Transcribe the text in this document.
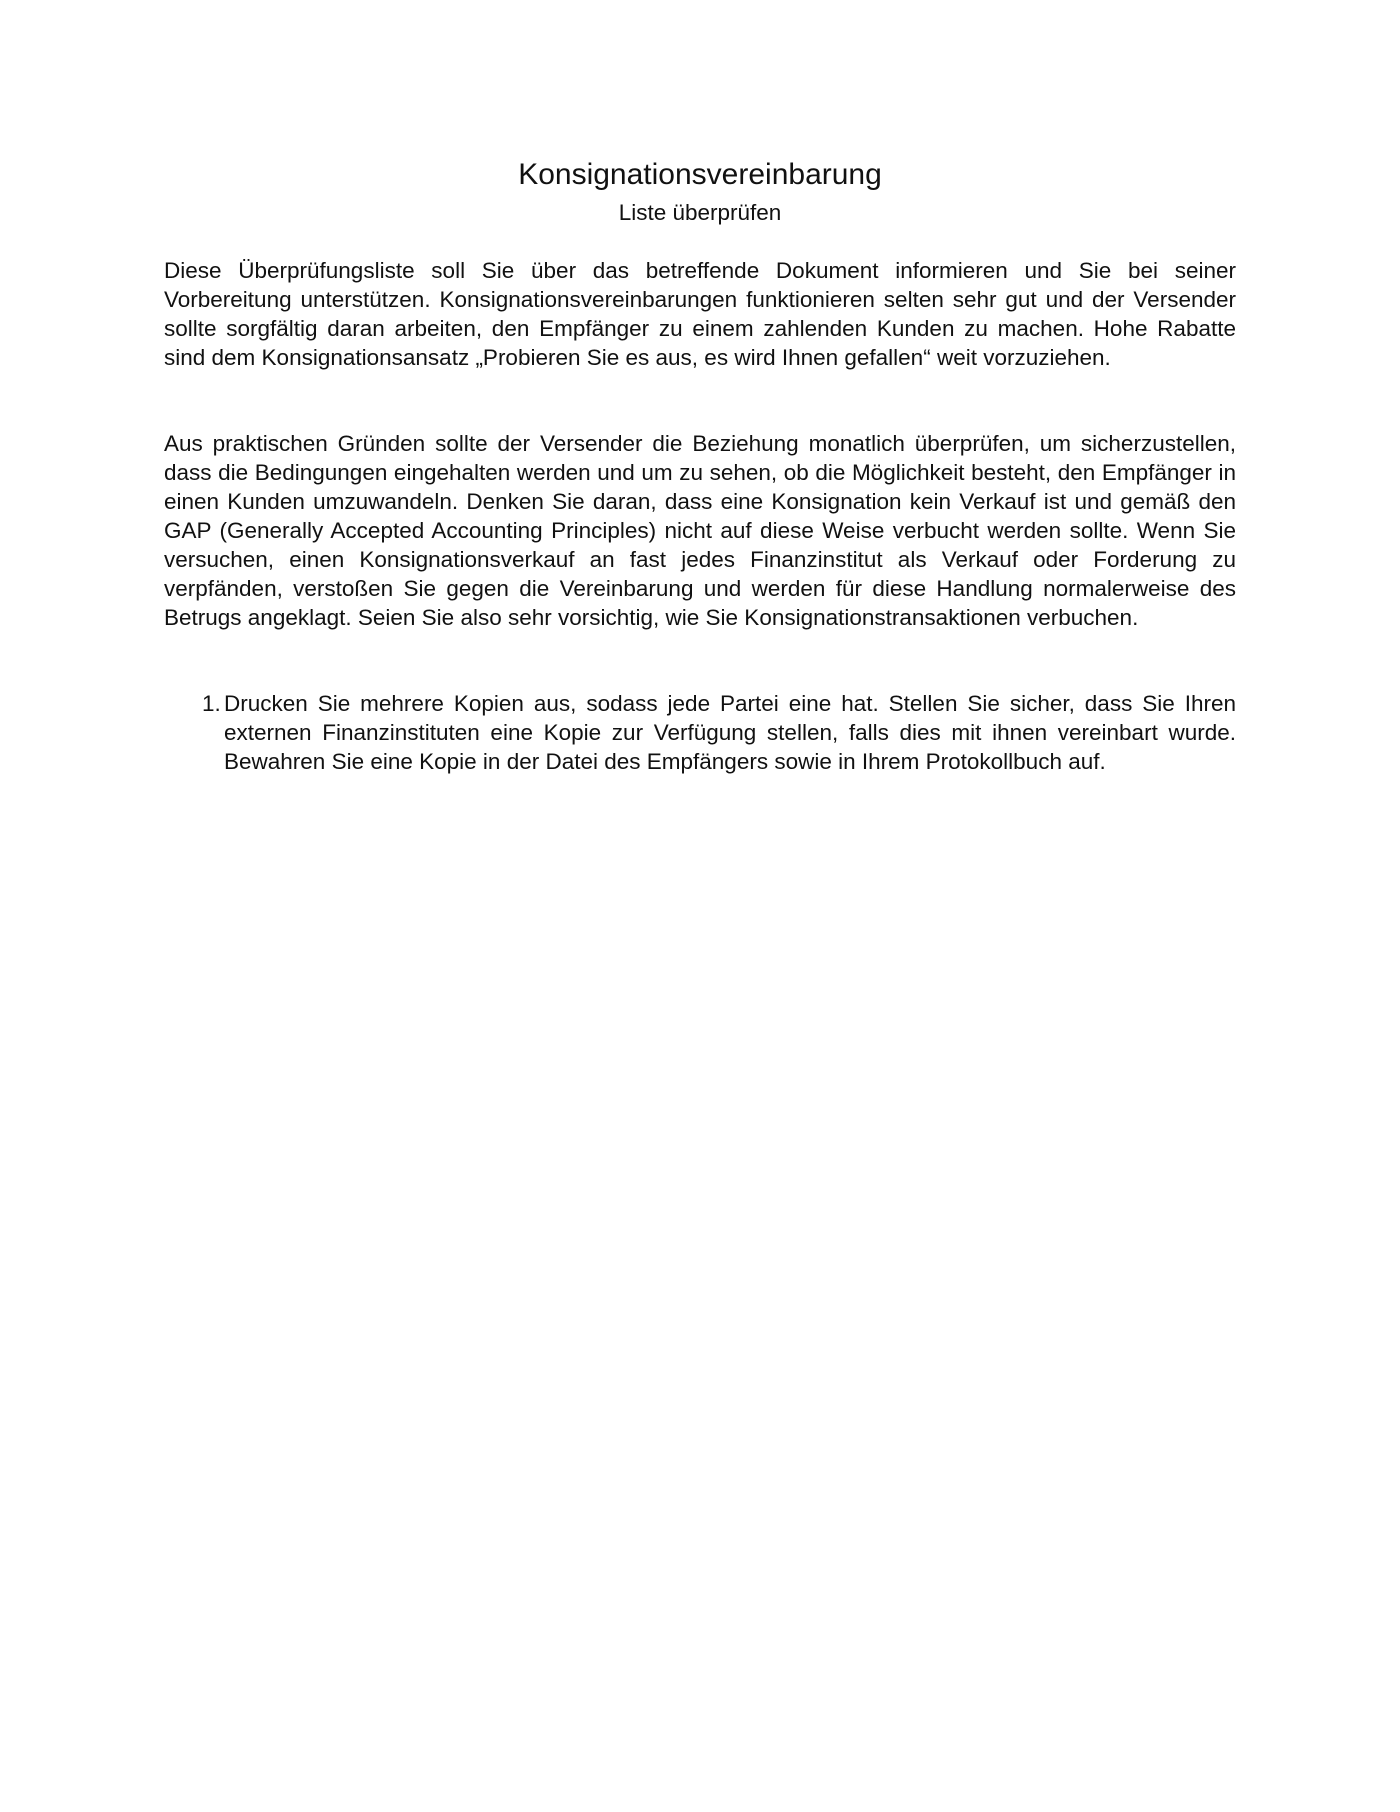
Konsignationsvereinbarung
Liste überprüfen

Diese Überprüfungsliste soll Sie über das betreffende Dokument informieren und Sie bei seiner Vorbereitung unterstützen. Konsignationsvereinbarungen funktionieren selten sehr gut und der Versender sollte sorgfältig daran arbeiten, den Empfänger zu einem zahlenden Kunden zu machen. Hohe Rabatte sind dem Konsignationsansatz „Probieren Sie es aus, es wird Ihnen gefallen“ weit vorzuziehen.

Aus praktischen Gründen sollte der Versender die Beziehung monatlich überprüfen, um sicherzustellen, dass die Bedingungen eingehalten werden und um zu sehen, ob die Möglichkeit besteht, den Empfänger in einen Kunden umzuwandeln. Denken Sie daran, dass eine Konsignation kein Verkauf ist und gemäß den GAP (Generally Accepted Accounting Principles) nicht auf diese Weise verbucht werden sollte. Wenn Sie versuchen, einen Konsignationsverkauf an fast jedes Finanzinstitut als Verkauf oder Forderung zu verpfänden, verstoßen Sie gegen die Vereinbarung und werden für diese Handlung normalerweise des Betrugs angeklagt. Seien Sie also sehr vorsichtig, wie Sie Konsignationstransaktionen verbuchen.

1. Drucken Sie mehrere Kopien aus, sodass jede Partei eine hat. Stellen Sie sicher, dass Sie Ihren externen Finanzinstituten eine Kopie zur Verfügung stellen, falls dies mit ihnen vereinbart wurde. Bewahren Sie eine Kopie in der Datei des Empfängers sowie in Ihrem Protokollbuch auf.
